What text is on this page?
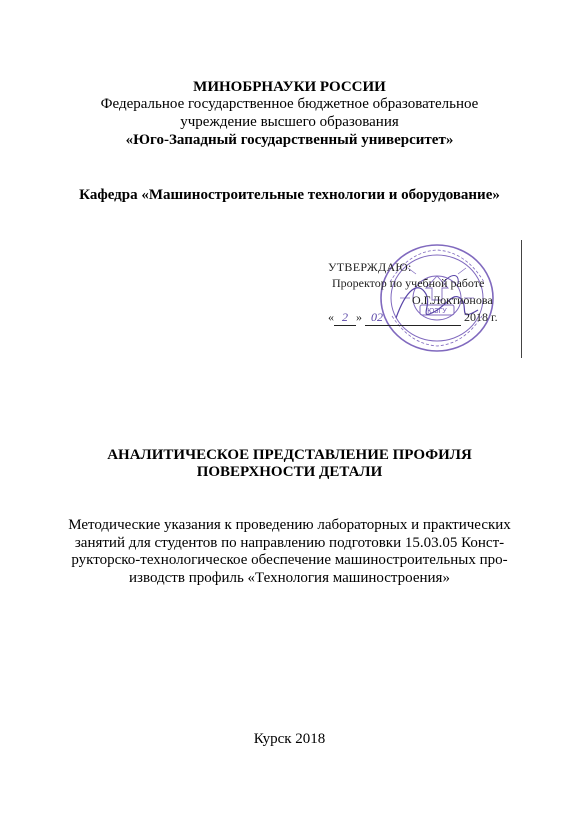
МИНОБРНАУКИ РОССИИ
Федеральное государственное бюджетное образовательное
учреждение высшего образования
«Юго-Западный государственный университет»
Кафедра «Машиностроительные технологии и оборудование»
ЮЗГУ
УТВЕРЖДАЮ:
Проректор по учебной работе
О.Г.Локтионова
« 2 » 02	2018 г.
АНАЛИТИЧЕСКОЕ ПРЕДСТАВЛЕНИЕ ПРОФИЛЯ
ПОВЕРХНОСТИ ДЕТАЛИ
Методические указания к проведению лабораторных и практических
занятий для студентов по направлению подготовки 15.03.05 Конст-
рукторско-технологическое обеспечение машиностроительных про-
изводств профиль «Технология машиностроения»
Курск 2018
